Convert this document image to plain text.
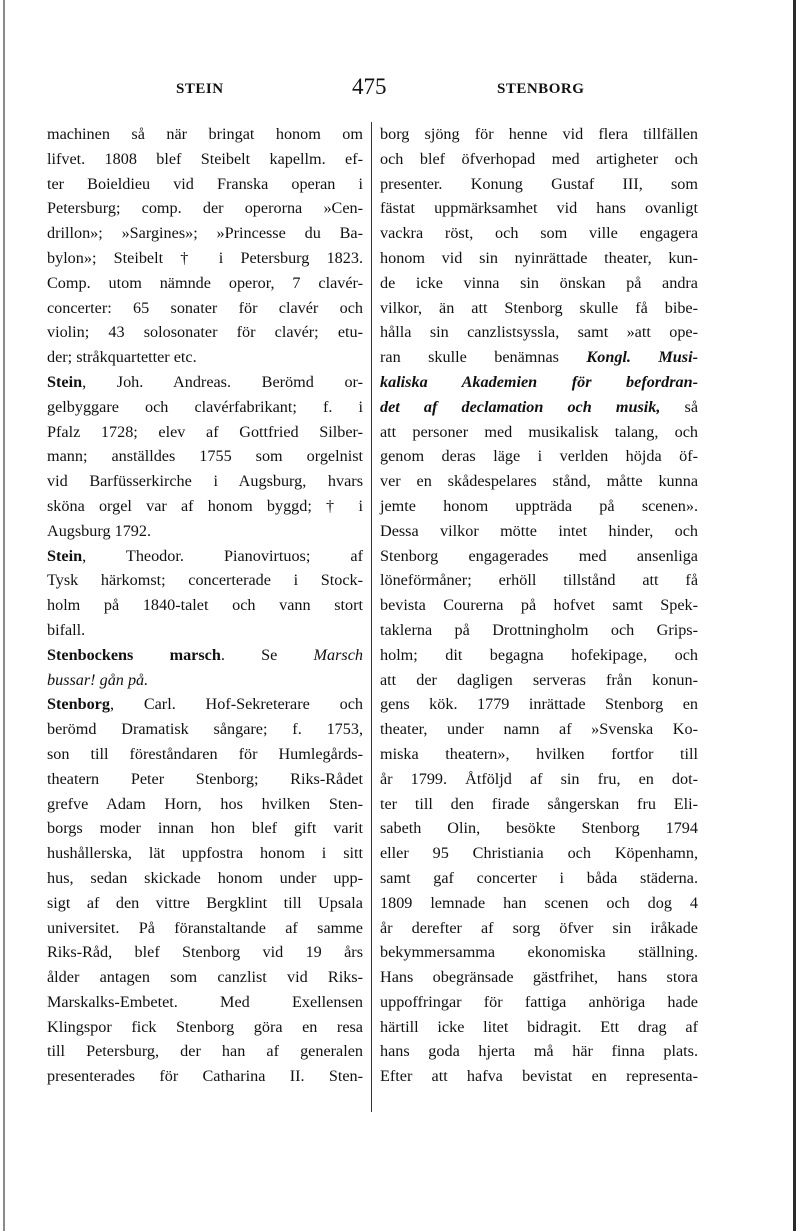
STEIN	475	STENBORG
machinen så när bringat honom om
lifvet. 1808 blef Steibelt kapellm. ef-
ter Boieldieu vid Franska operan i
Petersburg; comp. der operorna »Cen-
drillon»; »Sargines»; »Princesse du Ba-
bylon»; Steibelt † i Petersburg 1823.
Comp. utom nämnde operor, 7 clavér-
concerter: 65 sonater för clavér och
violin; 43 solosonater för clavér; etu-
der; stråkquartetter etc.
Stein, Joh. Andreas. Berömd or-
gelbyggare och clavérfabrikant; f. i
Pfalz 1728; elev af Gottfried Silber-
mann; anställdes 1755 som orgelnist
vid Barfüsserkirche i Augsburg, hvars
sköna orgel var af honom byggd; † i
Augsburg 1792.
Stein, Theodor. Pianovirtuos; af
Tysk härkomst; concerterade i Stock-
holm på 1840-talet och vann stort
bifall.
Stenbockens marsch. Se Marsch
bussar! gån på.
Stenborg, Carl. Hof-Sekreterare och
berömd Dramatisk sångare; f. 1753,
son till föreståndaren för Humlegårds-
theatern Peter Stenborg; Riks-Rådet
grefve Adam Horn, hos hvilken Sten-
borgs moder innan hon blef gift varit
hushållerska, lät uppfostra honom i sitt
hus, sedan skickade honom under upp-
sigt af den vittre Bergklint till Upsala
universitet. På föranstaltande af samme
Riks-Råd, blef Stenborg vid 19 års
ålder antagen som canzlist vid Riks-
Marskalks-Embetet. Med Exellensen
Klingspor fick Stenborg göra en resa
till Petersburg, der han af generalen
presenterades för Catharina II. Sten-
borg sjöng för henne vid flera tillfällen
och blef öfverhopad med artigheter och
presenter. Konung Gustaf III, som
fästat uppmärksamhet vid hans ovanligt
vackra röst, och som ville engagera
honom vid sin nyinrättade theater, kun-
de icke vinna sin önskan på andra
vilkor, än att Stenborg skulle få bibe-
hålla sin canzlistsyssla, samt »att ope-
ran skulle benämnas Kongl. Musi-
kaliska Akademien för befordran-
det af declamation och musik, så
att personer med musikalisk talang, och
genom deras läge i verlden höjda öf-
ver en skådespelares stånd, måtte kunna
jemte honom uppträda på scenen».
Dessa vilkor mötte intet hinder, och
Stenborg engagerades med ansenliga
löneförmåner; erhöll tillstånd att få
bevista Courerna på hofvet samt Spek-
taklerna på Drottningholm och Grips-
holm; dit begagna hofekipage, och
att der dagligen serveras från konun-
gens kök. 1779 inrättade Stenborg en
theater, under namn af »Svenska Ko-
miska theatern», hvilken fortfor till
år 1799. Åtföljd af sin fru, en dot-
ter till den firade sångerskan fru Eli-
sabeth Olin, besökte Stenborg 1794
eller 95 Christiania och Köpenhamn,
samt gaf concerter i båda städerna.
1809 lemnade han scenen och dog 4
år derefter af sorg öfver sin iråkade
bekymmersamma ekonomiska ställning.
Hans obegränsade gästfrihet, hans stora
uppoffringar för fattiga anhöriga hade
härtill icke litet bidragit. Ett drag af
hans goda hjerta må här finna plats.
Efter att hafva bevistat en representa-
